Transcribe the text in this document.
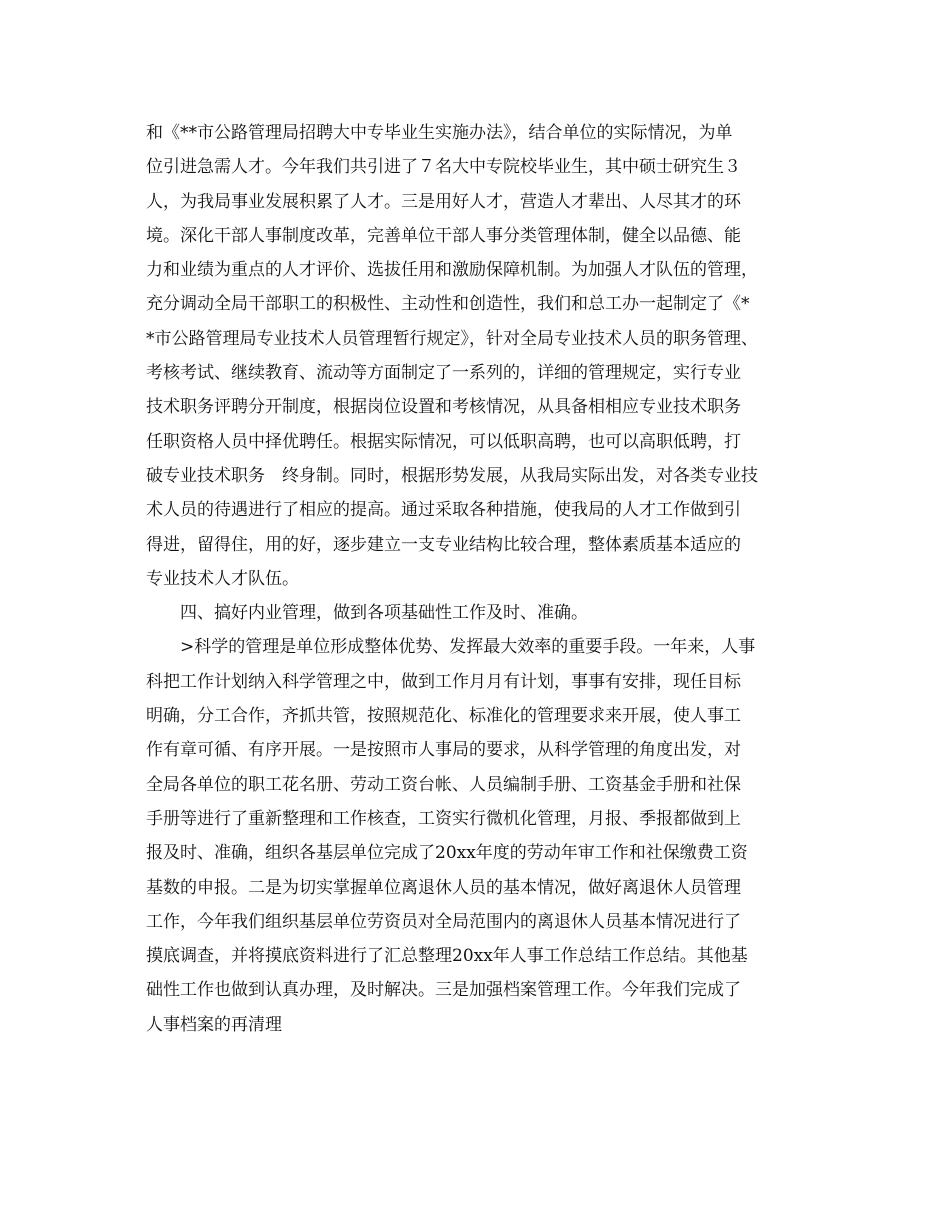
和《**市公路管理局招聘大中专毕业生实施办法》，结合单位的实际情况，为单
位引进急需人才。今年我们共引进了７名大中专院校毕业生，其中硕士研究生３
人，为我局事业发展积累了人才。三是用好人才，营造人才辈出、人尽其才的环
境。深化干部人事制度改革，完善单位干部人事分类管理体制，健全以品德、能
力和业绩为重点的人才评价、选拔任用和激励保障机制。为加强人才队伍的管理，
充分调动全局干部职工的积极性、主动性和创造性，我们和总工办一起制定了《*
*市公路管理局专业技术人员管理暂行规定》，针对全局专业技术人员的职务管理、
考核考试、继续教育、流动等方面制定了一系列的，详细的管理规定，实行专业
技术职务评聘分开制度，根据岗位设置和考核情况，从具备相相应专业技术职务
任职资格人员中择优聘任。根据实际情况，可以低职高聘，也可以高职低聘，打
破专业技术职务　终身制。同时，根据形势发展，从我局实际出发，对各类专业技
术人员的待遇进行了相应的提高。通过采取各种措施，使我局的人才工作做到引
得进，留得住，用的好，逐步建立一支专业结构比较合理，整体素质基本适应的
专业技术人才队伍。
　　四、搞好内业管理，做到各项基础性工作及时、准确。
　　>科学的管理是单位形成整体优势、发挥最大效率的重要手段。一年来，人事
科把工作计划纳入科学管理之中，做到工作月月有计划，事事有安排，现任目标
明确，分工合作，齐抓共管，按照规范化、标准化的管理要求来开展，使人事工
作有章可循、有序开展。一是按照市人事局的要求，从科学管理的角度出发，对
全局各单位的职工花名册、劳动工资台帐、人员编制手册、工资基金手册和社保
手册等进行了重新整理和工作核查，工资实行微机化管理，月报、季报都做到上
报及时、准确，组织各基层单位完成了20xx年度的劳动年审工作和社保缴费工资
基数的申报。二是为切实掌握单位离退休人员的基本情况，做好离退休人员管理
工作，今年我们组织基层单位劳资员对全局范围内的离退休人员基本情况进行了
摸底调查，并将摸底资料进行了汇总整理20xx年人事工作总结工作总结。其他基
础性工作也做到认真办理，及时解决。三是加强档案管理工作。今年我们完成了
人事档案的再清理
